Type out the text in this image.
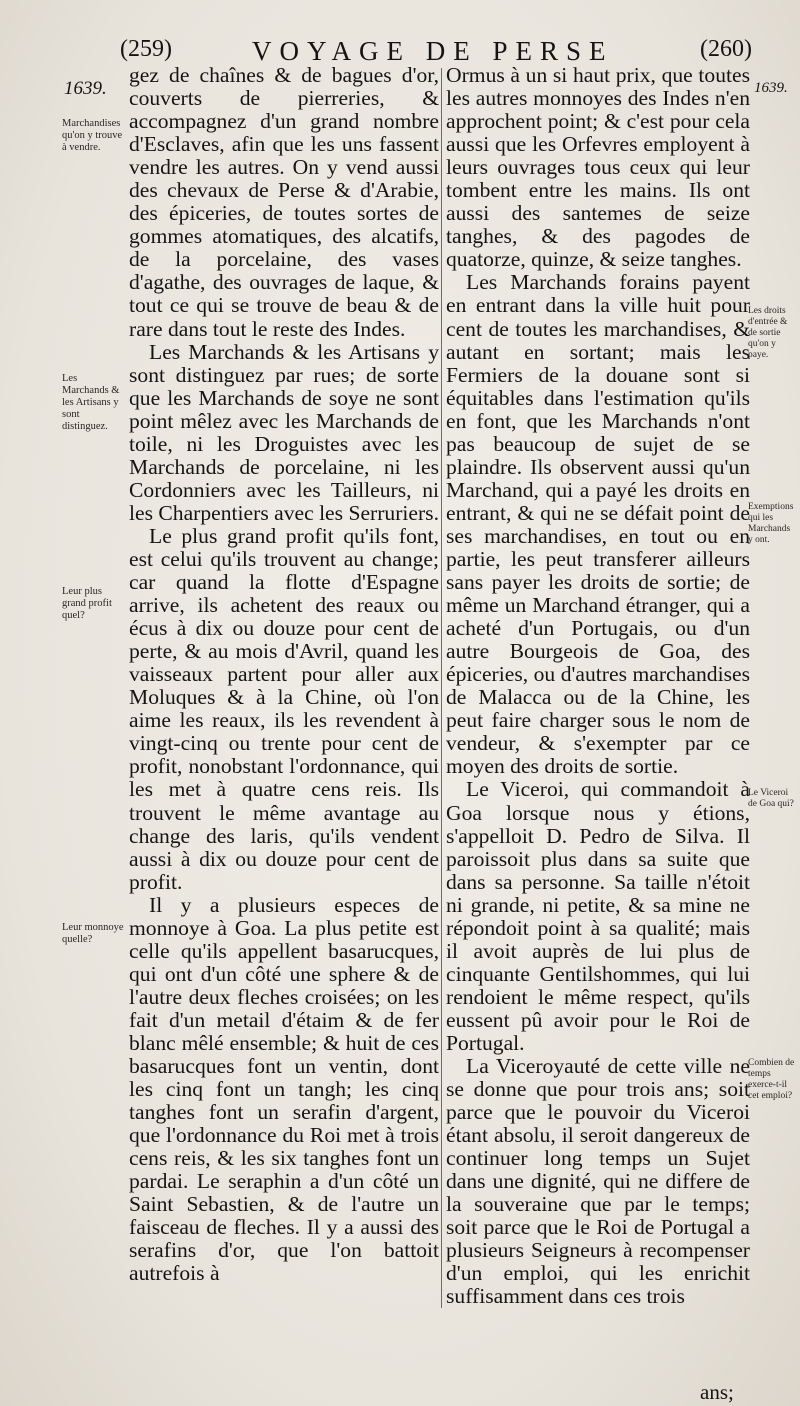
(259)	VOYAGE DE PERSE	(260)
1639.	1639.
Marchandises qu'on y trouve à vendre.
Les Marchands & les Artisans y sont distinguez.
Leur plus grand profit quel?
Leur monnoye quelle?
Les droits d'entrée & de sortie qu'on y paye.
Exemptions qui les Marchands y ont.
Le Viceroi de Goa qui?
Combien de temps exerce-t-il cet emploi?

gez de chaînes & de bagues d'or, couverts de pierreries, & accompagnez d'un grand nombre d'Esclaves, afin que les uns fassent vendre les autres. On y vend aussi des chevaux de Perse & d'Arabie, des épiceries, de toutes sortes de gommes atomatiques, des alcatifs, de la porcelaine, des vases d'agathe, des ouvrages de laque, & tout ce qui se trouve de beau & de rare dans tout le reste des Indes.

Les Marchands & les Artisans y sont distinguez par rues; de sorte que les Marchands de soye ne sont point mêlez avec les Marchands de toile, ni les Droguistes avec les Marchands de porcelaine, ni les Cordonniers avec les Tailleurs, ni les Charpentiers avec les Serruriers.

Le plus grand profit qu'ils font, est celui qu'ils trouvent au change; car quand la flotte d'Espagne arrive, ils achetent des reaux ou écus à dix ou douze pour cent de perte, & au mois d'Avril, quand les vaisseaux partent pour aller aux Moluques & à la Chine, où l'on aime les reaux, ils les revendent à vingt-cinq ou trente pour cent de profit, nonobstant l'ordonnance, qui les met à quatre cens reis. Ils trouvent le même avantage au change des laris, qu'ils vendent aussi à dix ou douze pour cent de profit.

Il y a plusieurs especes de monnoye à Goa. La plus petite est celle qu'ils appellent basarucques, qui ont d'un côté une sphere & de l'autre deux fleches croisées; on les fait d'un metail d'étaim & de fer blanc mêlé ensemble; & huit de ces basarucques font un ventin, dont les cinq font un tangh; les cinq tanghes font un serafin d'argent, que l'ordonnance du Roi met à trois cens reis, & les six tanghes font un pardai. Le seraphin a d'un côté un Saint Sebastien, & de l'autre un faisceau de fleches. Il y a aussi des serafins d'or, que l'on battoit autrefois à

Ormus à un si haut prix, que toutes les autres monnoyes des Indes n'en approchent point; & c'est pour cela aussi que les Orfevres employent à leurs ouvrages tous ceux qui leur tombent entre les mains. Ils ont aussi des santemes de seize tanghes, & des pagodes de quatorze, quinze, & seize tanghes.

Les Marchands forains payent en entrant dans la ville huit pour cent de toutes les marchandises, & autant en sortant; mais les Fermiers de la douane sont si équitables dans l'estimation qu'ils en font, que les Marchands n'ont pas beaucoup de sujet de se plaindre. Ils observent aussi qu'un Marchand, qui a payé les droits en entrant, & qui ne se défait point de ses marchandises, en tout ou en partie, les peut transferer ailleurs sans payer les droits de sortie; de même un Marchand étranger, qui a acheté d'un Portugais, ou d'un autre Bourgeois de Goa, des épiceries, ou d'autres marchandises de Malacca ou de la Chine, les peut faire charger sous le nom de vendeur, & s'exempter par ce moyen des droits de sortie.

Le Viceroi, qui commandoit à Goa lorsque nous y étions, s'appelloit D. Pedro de Silva. Il paroissoit plus dans sa suite que dans sa personne. Sa taille n'étoit ni grande, ni petite, & sa mine ne répondoit point à sa qualité; mais il avoit auprès de lui plus de cinquante Gentilshommes, qui lui rendoient le même respect, qu'ils eussent pû avoir pour le Roi de Portugal.

La Viceroyauté de cette ville ne se donne que pour trois ans; soit parce que le pouvoir du Viceroi étant absolu, il seroit dangereux de continuer long temps un Sujet dans une dignité, qui ne differe de la souveraine que par le temps; soit parce que le Roi de Portugal a plusieurs Seigneurs à recompenser d'un emploi, qui les enrichit suffisamment dans ces trois

ans;
